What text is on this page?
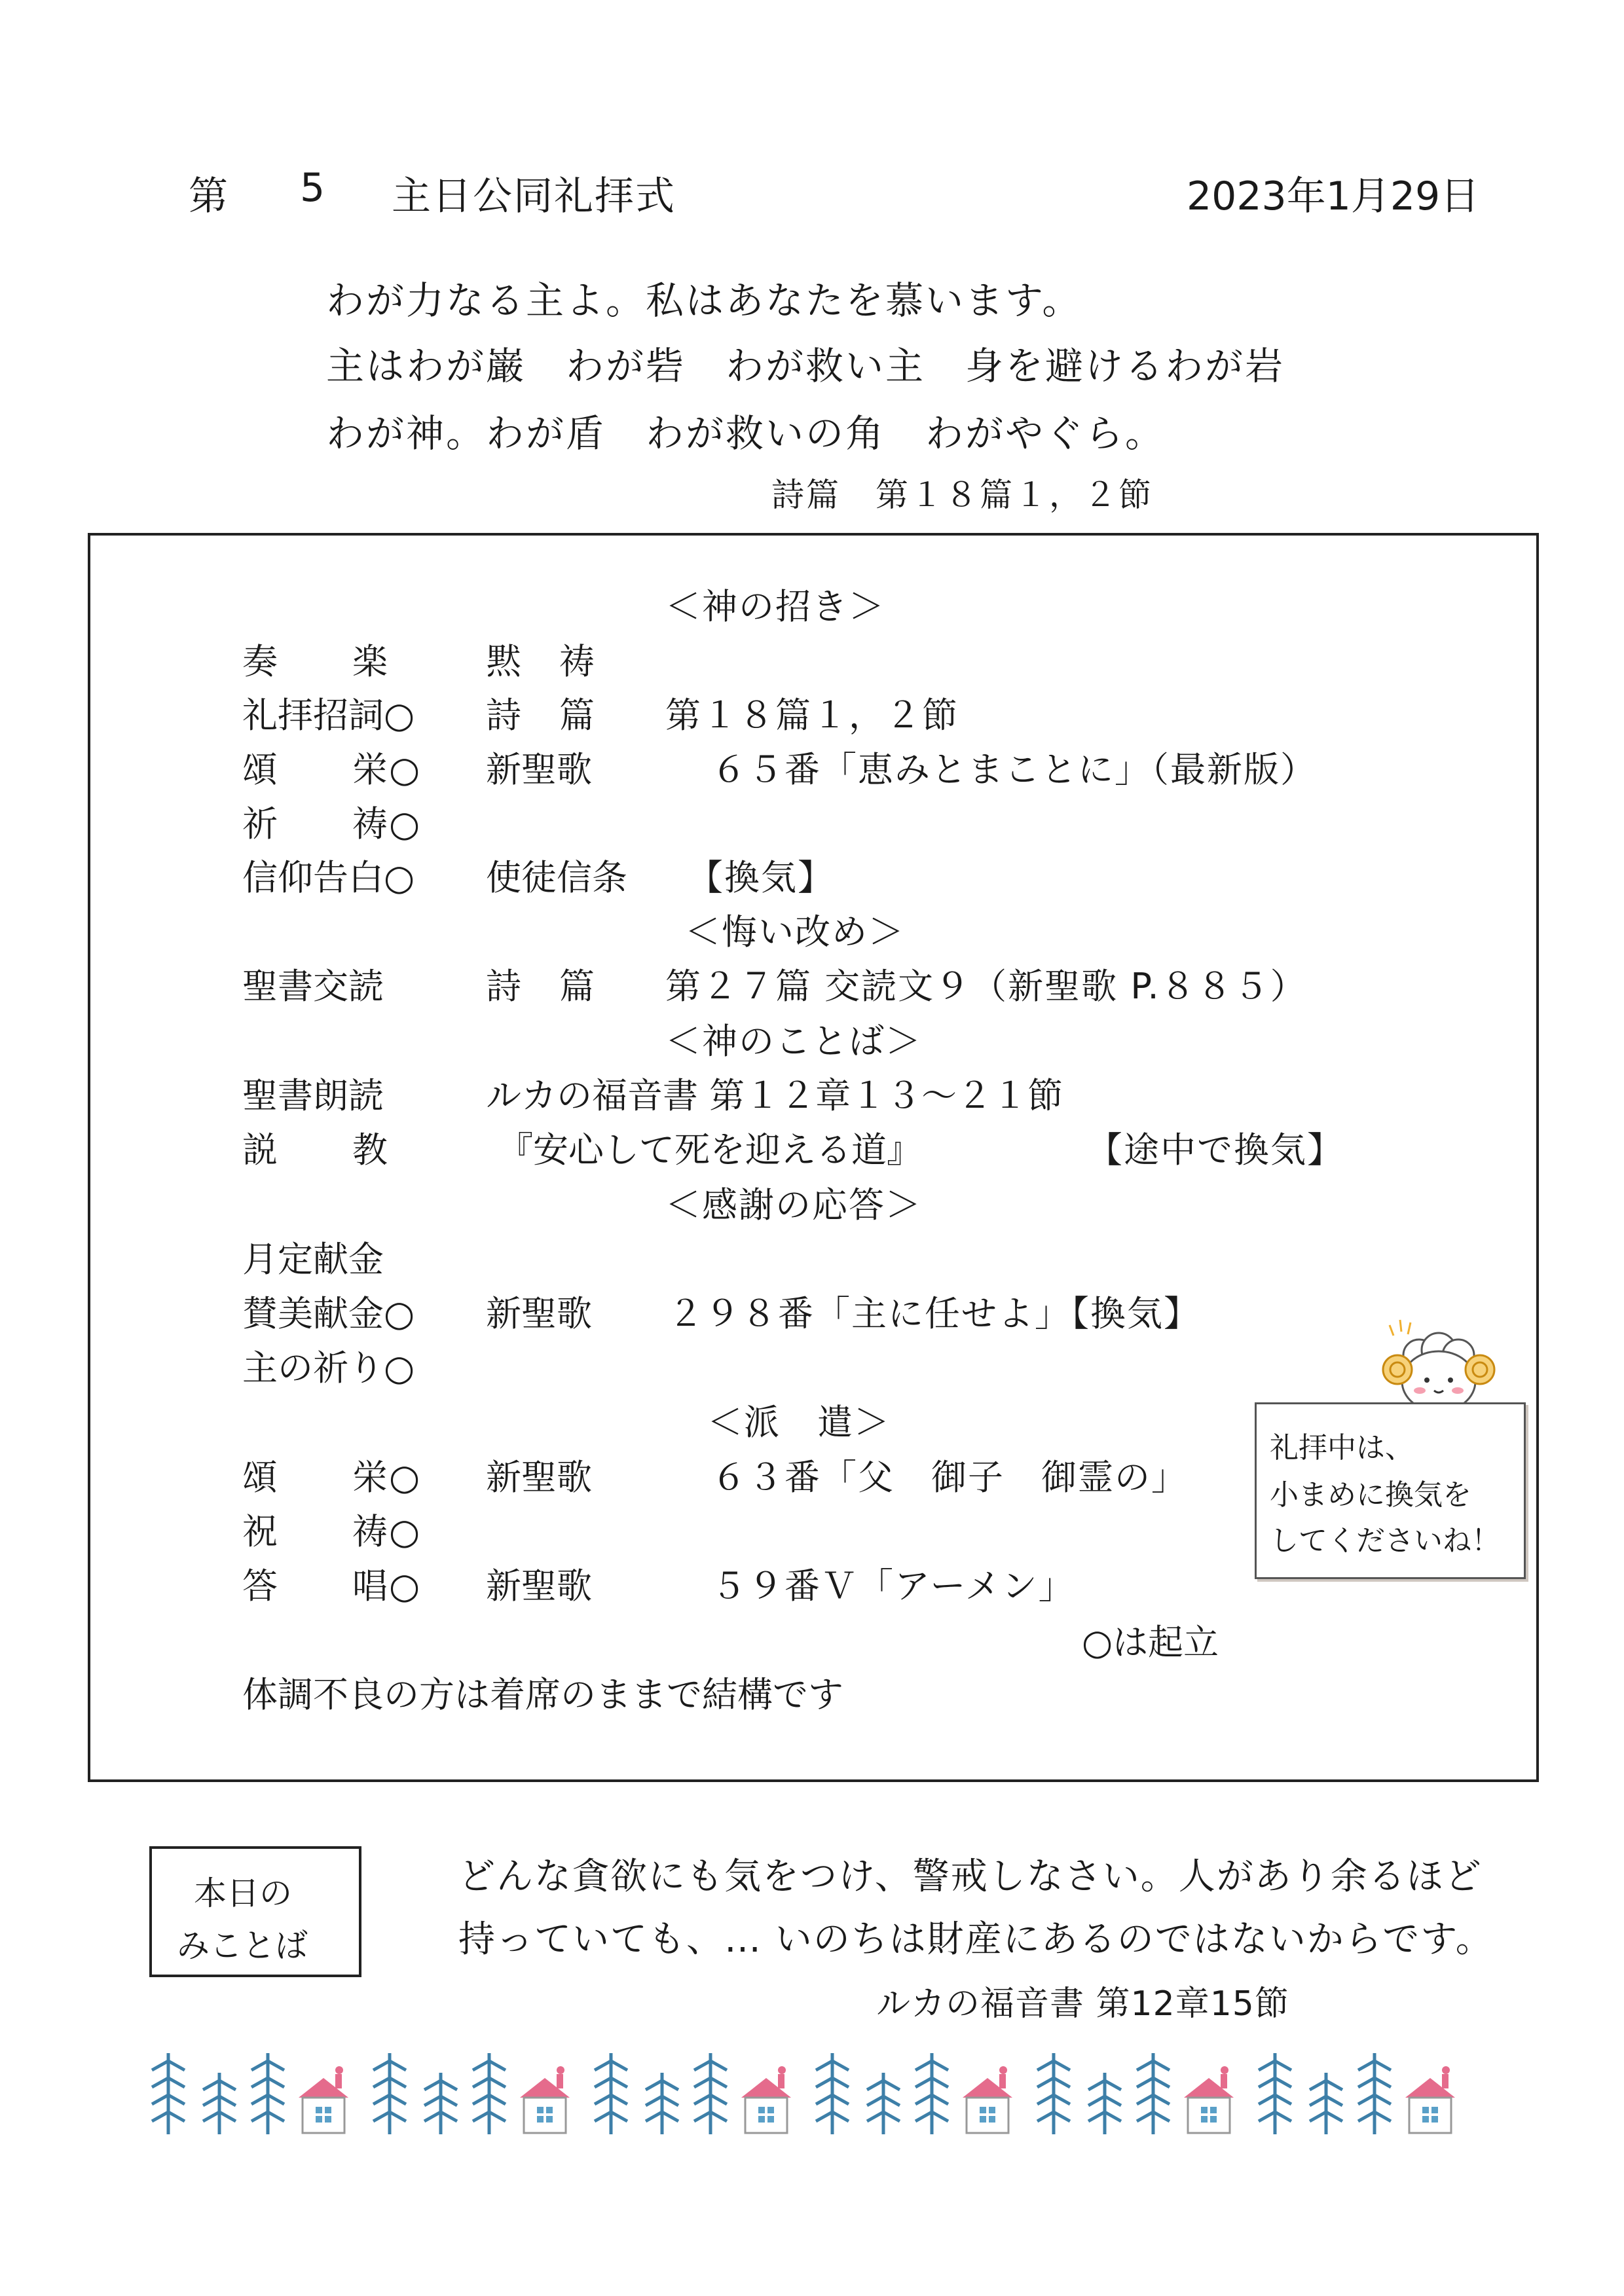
第 5 主日公同礼拝式	2023年1月29日
わが力なる主よ。私はあなたを慕います。
主はわが巌　わが砦　わが救い主　身を避けるわが岩
わが神。わが盾　わが救いの角　わがやぐら。
詩篇　第１８篇１，２節
＜神の招き＞
奏　　楽	黙　祷
礼拝招詞○ 詩　篇 第１８篇１，２節
頌　　栄○ 新聖歌	６５番「恵みとまことに」（最新版）
祈　　祷○
信仰告白○ 使徒信条 【換気】
＜悔い改め＞
聖書交読	詩　篇 第２７篇 交読文９（新聖歌 P.８８５）
＜神のことば＞
聖書朗読	ルカの福音書 第１２章１３～２１節
説　　教	『安心して死を迎える道』	【途中で換気】
＜感謝の応答＞
月定献金
賛美献金○ 新聖歌 ２９８番「主に任せよ」【換気】
主の祈り○
＜派　遣＞
頌　　栄○ 新聖歌	６３番「父　御子　御霊の」
祝　　祷○
答　　唱○ 新聖歌	５９番Ｖ「アーメン」
○は起立
体調不良の方は着席のままで結構です
礼拝中は、
小まめに換気を
してくださいね！
本日の
みことば
どんな貪欲にも気をつけ、警戒しなさい。人があり余るほど
持っていても、… いのちは財産にあるのではないからです。
ルカの福音書 第12章15節
